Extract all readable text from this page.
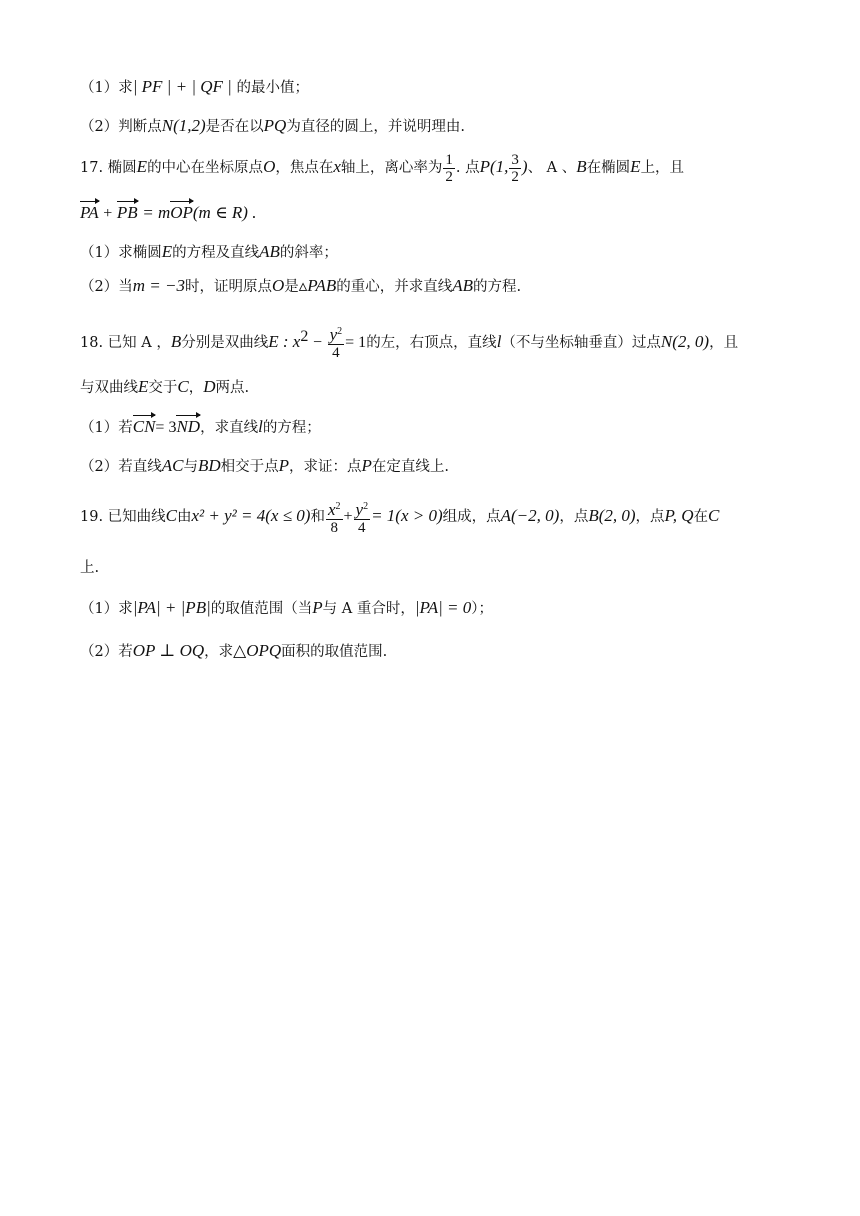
（1）求| PF | + | QF | 的最小值；
（2）判断点N(1,2)是否在以PQ为直径的圆上，并说明理由.
17. 椭圆E的中心在坐标原点O，焦点在x轴上，离心率为 $\frac{1}{2}$ . 点P(1, $\frac{3}{2}$ )、 A 、B在椭圆E上，且
PA + PB = mOP(m ∈ R) .
（1）求椭圆E的方程及直线AB的斜率；
（2）当m = −3时，证明原点O是▵PAB的重心，并求直线AB的方程.
18. 已知 A ，B分别是双曲线E : $x^2 - \frac{y^2}{4} = 1$的左，右顶点，直线l（不与坐标轴垂直）过点N(2, 0)，且
与双曲线E交于C，D两点.
（1）若CN= 3ND，求直线l的方程；
（2）若直线AC与BD相交于点P，求证：点P在定直线上.
19. 已知曲线C由x² + y² = 4(x ≤ 0)和 $\frac{x^2}{8} + \frac{y^2}{4} = 1(x > 0)$组成，点A(−2, 0)，点B(2, 0)，点P, Q在C
上.
（1）求|PA| + |PB|的取值范围（当P与 A 重合时，|PA| = 0）；
（2）若OP ⊥ OQ，求△OPQ面积的取值范围.
